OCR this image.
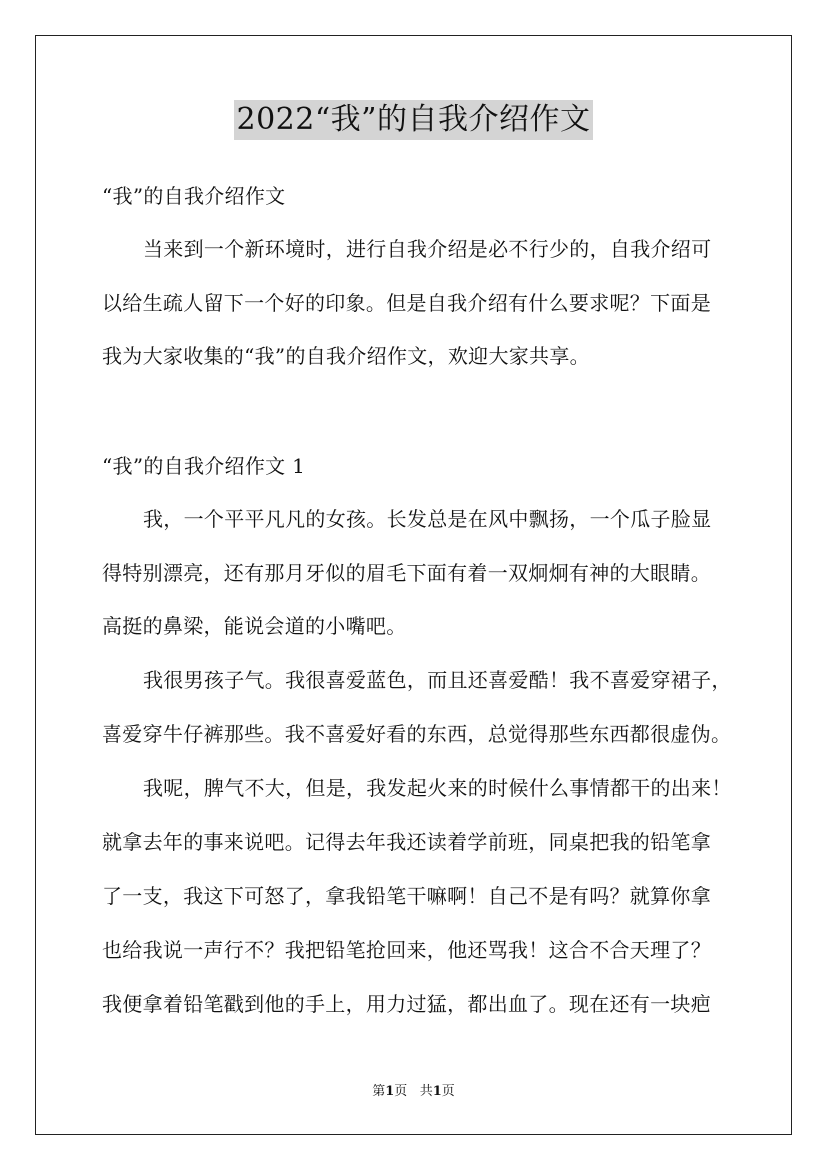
2022“我”的自我介绍作文
“我”的自我介绍作文
当来到一个新环境时，进行自我介绍是必不行少的，自我介绍可
以给生疏人留下一个好的印象。但是自我介绍有什么要求呢？下面是
我为大家收集的“我”的自我介绍作文，欢迎大家共享。
“我”的自我介绍作文 1
我，一个平平凡凡的女孩。长发总是在风中飘扬，一个瓜子脸显
得特别漂亮，还有那月牙似的眉毛下面有着一双炯炯有神的大眼睛。
高挺的鼻梁，能说会道的小嘴吧。
我很男孩子气。我很喜爱蓝色，而且还喜爱酷！我不喜爱穿裙子，
喜爱穿牛仔裤那些。我不喜爱好看的东西，总觉得那些东西都很虚伪。
我呢，脾气不大，但是，我发起火来的时候什么事情都干的出来！
就拿去年的事来说吧。记得去年我还读着学前班，同桌把我的铅笔拿
了一支，我这下可怒了，拿我铅笔干嘛啊！自己不是有吗？就算你拿
也给我说一声行不？我把铅笔抢回来，他还骂我！这合不合天理了？
我便拿着铅笔戳到他的手上，用力过猛，都出血了。现在还有一块疤
第1页 共1页
